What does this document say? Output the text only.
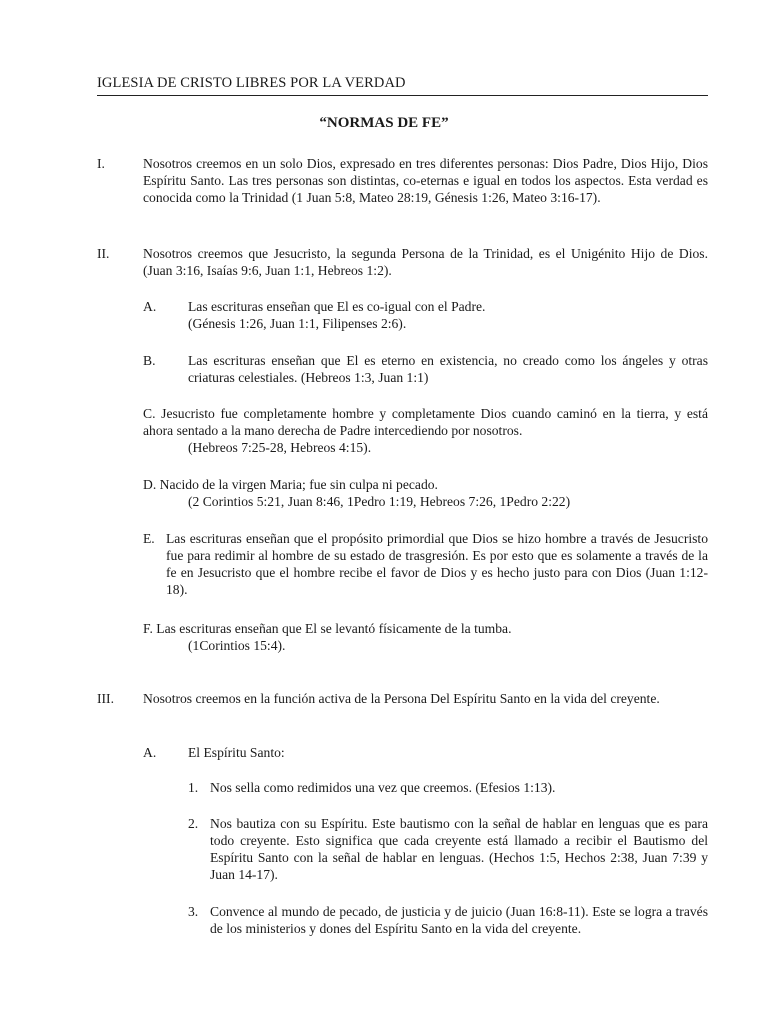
IGLESIA DE CRISTO LIBRES POR LA VERDAD
“NORMAS DE FE”
I.	Nosotros creemos en un solo Dios, expresado en tres diferentes personas: Dios Padre, Dios Hijo, Dios Espíritu Santo. Las tres personas son distintas, co-eternas e igual en todos los aspectos. Esta verdad es conocida como la Trinidad (1 Juan 5:8, Mateo 28:19, Génesis 1:26, Mateo 3:16-17).
II. Nosotros creemos que Jesucristo, la segunda Persona de la Trinidad, es el Unigénito Hijo de Dios. (Juan 3:16, Isaías 9:6, Juan 1:1, Hebreos 1:2).
A. Las escrituras enseñan que El es co-igual con el Padre.
(Génesis 1:26, Juan 1:1, Filipenses 2:6).
B. Las escrituras enseñan que El es eterno en existencia, no creado como los ángeles y otras criaturas celestiales. (Hebreos 1:3, Juan 1:1)
C. Jesucristo fue completamente hombre y completamente Dios cuando caminó en la tierra, y está ahora sentado a la mano derecha de Padre intercediendo por nosotros.
(Hebreos 7:25-28, Hebreos 4:15).
D. Nacido de la virgen Maria; fue sin culpa ni pecado.
(2 Corintios 5:21, Juan 8:46, 1Pedro 1:19, Hebreos 7:26, 1Pedro 2:22)
E. Las escrituras enseñan que el propósito primordial que Dios se hizo hombre a través de Jesucristo fue para redimir al hombre de su estado de trasgresión. Es por esto que es solamente a través de la fe en Jesucristo que el hombre recibe el favor de Dios y es hecho justo para con Dios (Juan 1:12-18).
F. Las escrituras enseñan que El se levantó físicamente de la tumba.
(1Corintios 15:4).
III. Nosotros creemos en la función activa de la Persona Del Espíritu Santo en la vida del creyente.
A. El Espíritu Santo:
1. Nos sella como redimidos una vez que creemos. (Efesios 1:13).
2. Nos bautiza con su Espíritu. Este bautismo con la señal de hablar en lenguas que es para todo creyente. Esto significa que cada creyente está llamado a recibir el Bautismo del Espíritu Santo con la señal de hablar en lenguas. (Hechos 1:5, Hechos 2:38, Juan 7:39 y Juan 14-17).
3. Convence al mundo de pecado, de justicia y de juicio (Juan 16:8-11). Este se logra a través de los ministerios y dones del Espíritu Santo en la vida del creyente.
